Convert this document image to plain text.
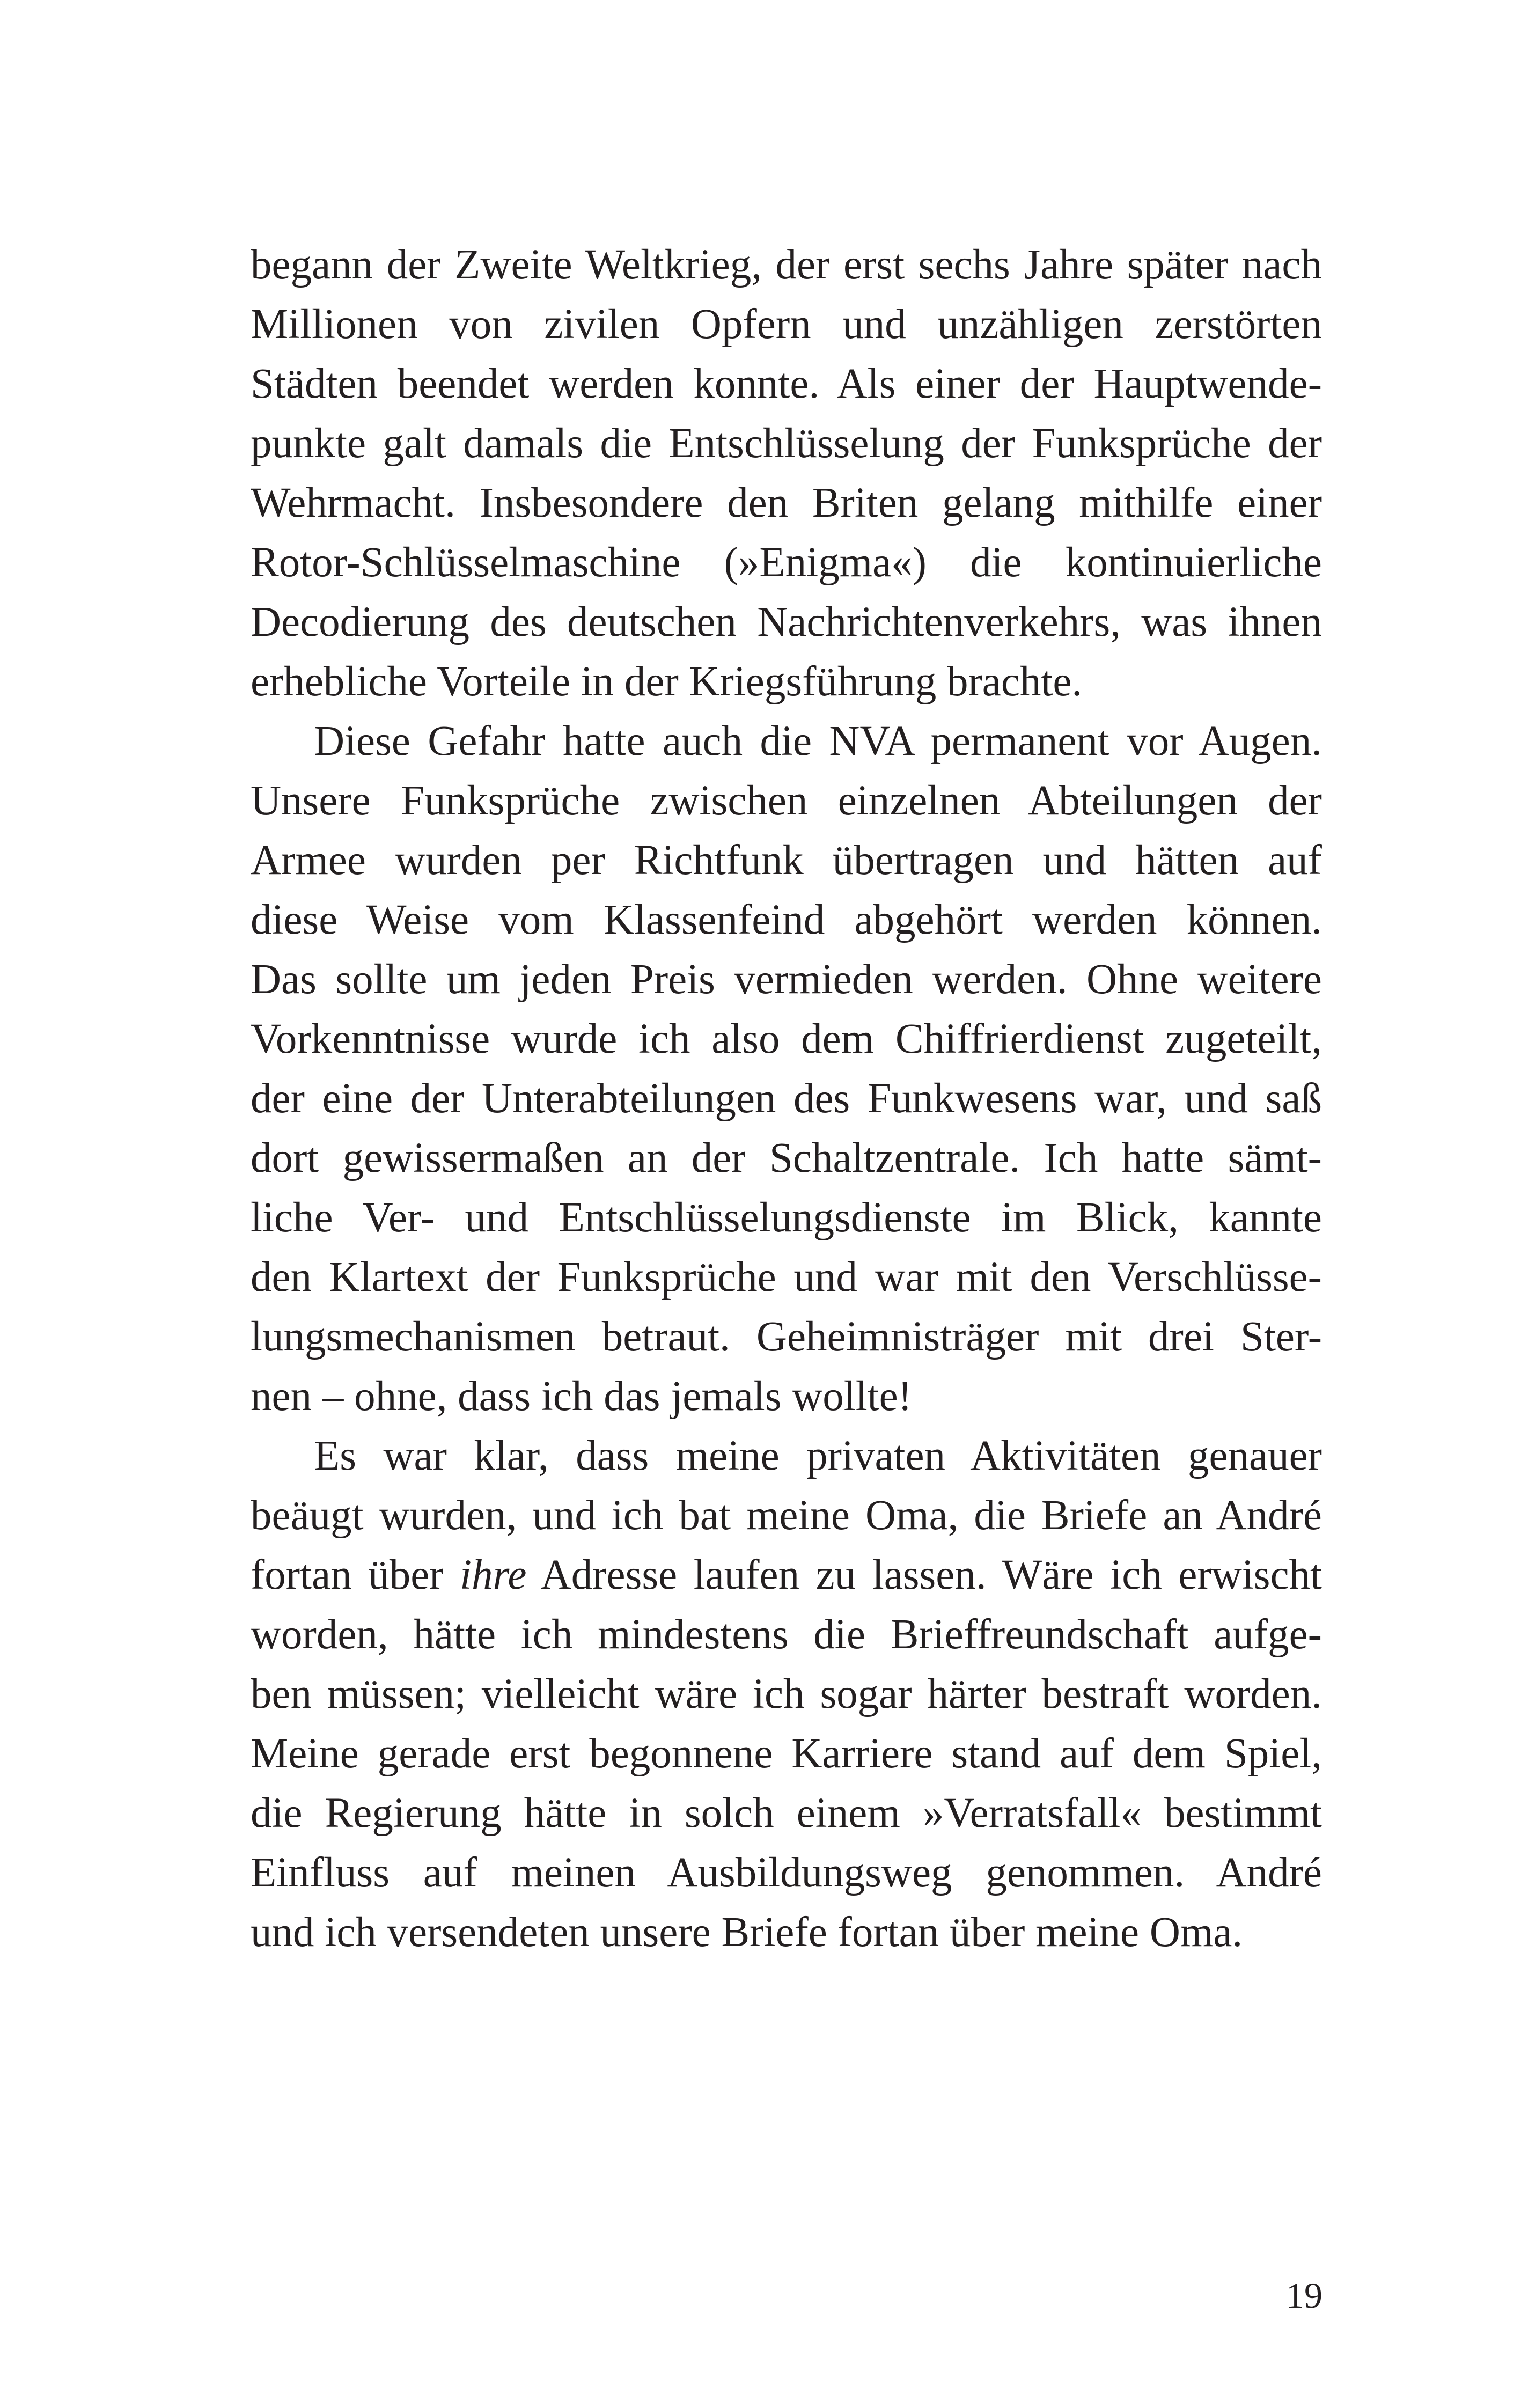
begann der Zweite Weltkrieg, der erst sechs Jahre später nach
Millionen von zivilen Opfern und unzähligen zerstörten
Städten beendet werden konnte. Als einer der Hauptwende-
punkte galt damals die Entschlüsselung der Funksprüche der
Wehrmacht. Insbesondere den Briten gelang mithilfe einer
Rotor-Schlüsselmaschine (»Enigma«) die kontinuierliche
Decodierung des deutschen Nachrichtenverkehrs, was ihnen
erhebliche Vorteile in der Kriegsführung brachte.
Diese Gefahr hatte auch die NVA permanent vor Augen.
Unsere Funksprüche zwischen einzelnen Abteilungen der
Armee wurden per Richtfunk übertragen und hätten auf
diese Weise vom Klassenfeind abgehört werden können.
Das sollte um jeden Preis vermieden werden. Ohne weitere
Vorkenntnisse wurde ich also dem Chiffrierdienst zugeteilt,
der eine der Unterabteilungen des Funkwesens war, und saß
dort gewissermaßen an der Schaltzentrale. Ich hatte sämt-
liche Ver- und Entschlüsselungsdienste im Blick, kannte
den Klartext der Funksprüche und war mit den Verschlüsse-
lungsmechanismen betraut. Geheimnisträger mit drei Ster-
nen – ohne, dass ich das jemals wollte!
Es war klar, dass meine privaten Aktivitäten genauer
beäugt wurden, und ich bat meine Oma, die Briefe an André
fortan über ihre Adresse laufen zu lassen. Wäre ich erwischt
worden, hätte ich mindestens die Brieffreundschaft aufge-
ben müssen; vielleicht wäre ich sogar härter bestraft worden.
Meine gerade erst begonnene Karriere stand auf dem Spiel,
die Regierung hätte in solch einem »Verratsfall« bestimmt
Einfluss auf meinen Ausbildungsweg genommen. André
und ich versendeten unsere Briefe fortan über meine Oma.
19
